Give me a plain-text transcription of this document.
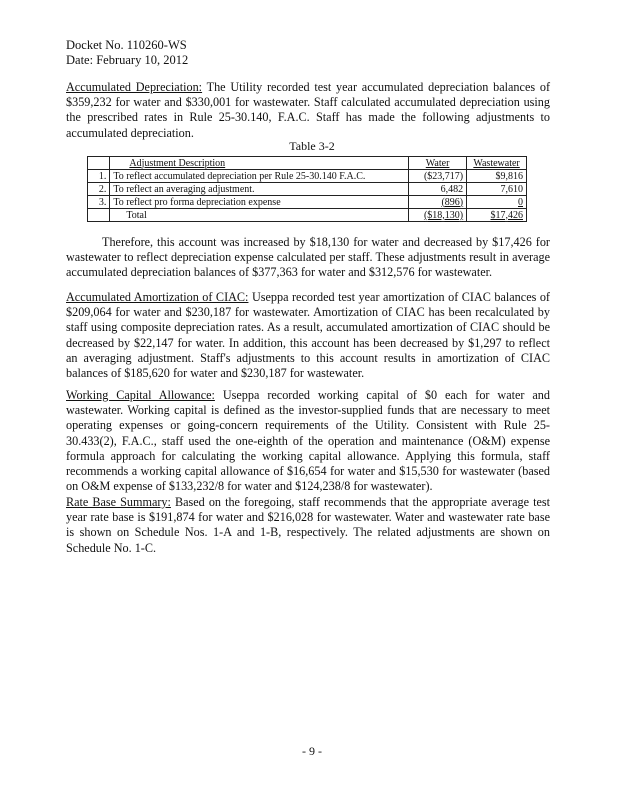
Docket No. 110260-WS
Date: February 10, 2012

Accumulated Depreciation: The Utility recorded test year accumulated depreciation balances of $359,232 for water and $330,001 for wastewater. Staff calculated accumulated depreciation using the prescribed rates in Rule 25-30.140, F.A.C. Staff has made the following adjustments to accumulated depreciation.

Table 3-2
	Adjustment Description	Water	Wastewater
1.	To reflect accumulated depreciation per Rule 25-30.140 F.A.C.	($23,717)	$9,816
2.	To reflect an averaging adjustment.	6,482	7,610
3.	To reflect pro forma depreciation expense	(896)	0
	Total	($18,130)	$17,426

Therefore, this account was increased by $18,130 for water and decreased by $17,426 for wastewater to reflect depreciation expense calculated per staff. These adjustments result in average accumulated depreciation balances of $377,363 for water and $312,576 for wastewater.

Accumulated Amortization of CIAC: Useppa recorded test year amortization of CIAC balances of $209,064 for water and $230,187 for wastewater. Amortization of CIAC has been recalculated by staff using composite depreciation rates. As a result, accumulated amortization of CIAC should be decreased by $22,147 for water. In addition, this account has been decreased by $1,297 to reflect an averaging adjustment. Staff's adjustments to this account results in amortization of CIAC balances of $185,620 for water and $230,187 for wastewater.

Working Capital Allowance: Useppa recorded working capital of $0 each for water and wastewater. Working capital is defined as the investor-supplied funds that are necessary to meet operating expenses or going-concern requirements of the Utility. Consistent with Rule 25-30.433(2), F.A.C., staff used the one-eighth of the operation and maintenance (O&M) expense formula approach for calculating the working capital allowance. Applying this formula, staff recommends a working capital allowance of $16,654 for water and $15,530 for wastewater (based on O&M expense of $133,232/8 for water and $124,238/8 for wastewater).

Rate Base Summary: Based on the foregoing, staff recommends that the appropriate average test year rate base is $191,874 for water and $216,028 for wastewater. Water and wastewater rate base is shown on Schedule Nos. 1-A and 1-B, respectively. The related adjustments are shown on Schedule No. 1-C.

- 9 -
